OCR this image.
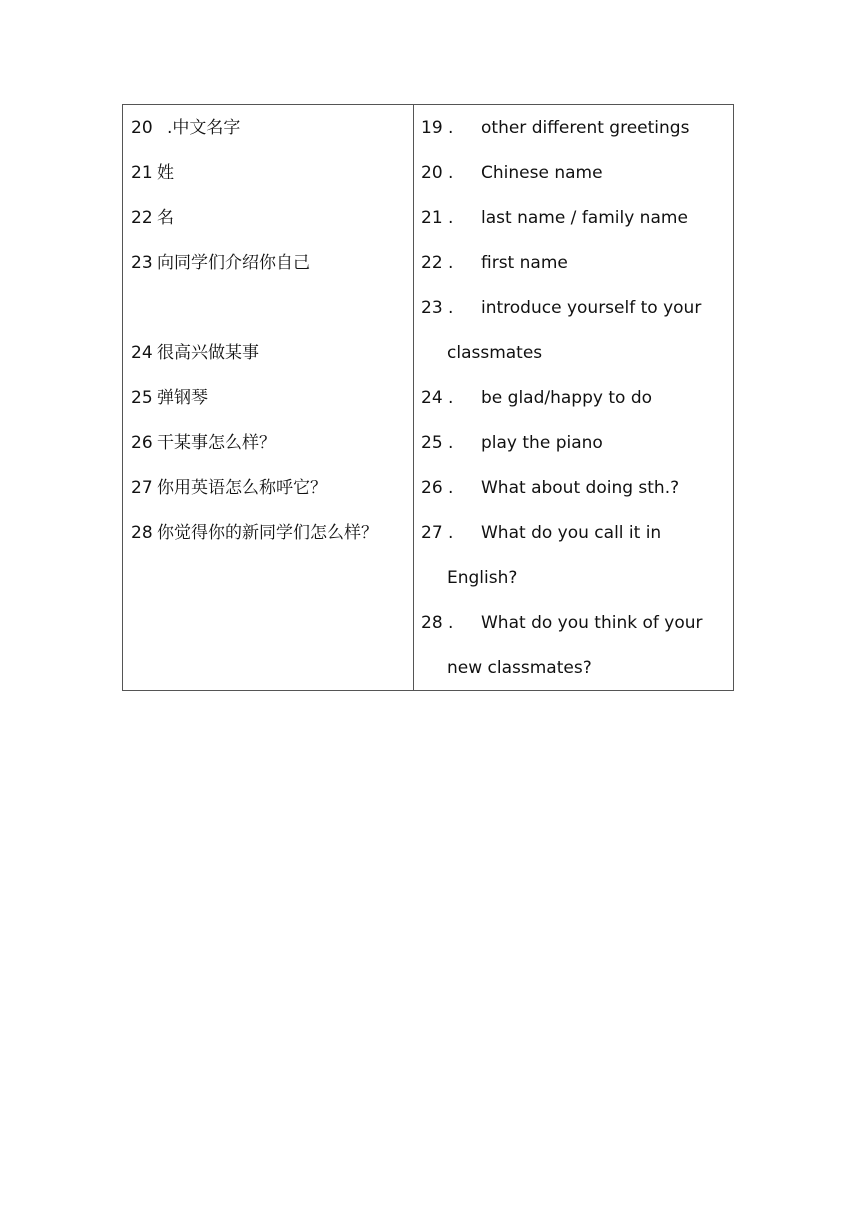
20 .中文名字
21 姓
22 名
23 向同学们介绍你自己
24 很高兴做某事
25 弹钢琴
26 干某事怎么样？
27 你用英语怎么称呼它？
28 你觉得你的新同学们怎么样？
19 . other different greetings
20 . Chinese name
21 . last name / family name
22 . first name
23 . introduce yourself to your
classmates
24 . be glad/happy to do
25 . play the piano
26 . What about doing sth.?
27 . What do you call it in
English?
28 . What do you think of your
new classmates?
